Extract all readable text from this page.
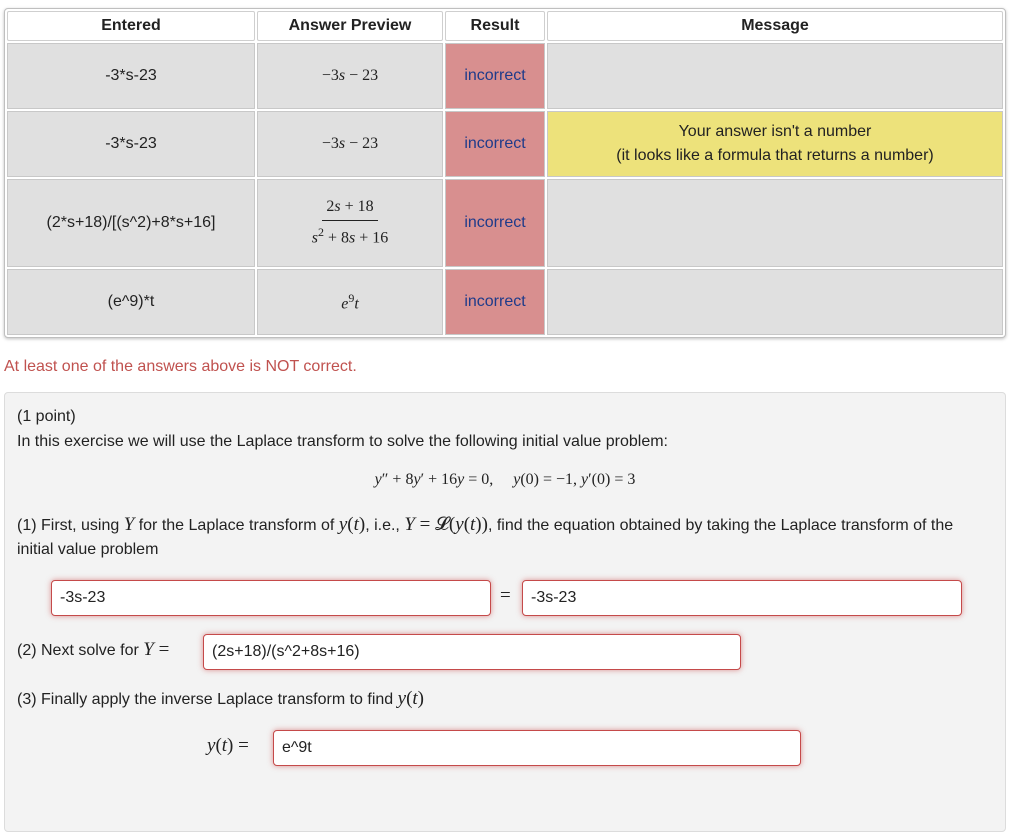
Entered	Answer Preview	Result	Message
-3*s-23	−3s − 23	incorrect	
-3*s-23	−3s − 23	incorrect	Your answer isn't a number
(it looks like a formula that returns a number)

(2*s+18)/[(s^2)+8*s+16]	$\frac{2s + 18}{s^2 + 8s + 16}$	incorrect	
(e^9)*t	$e^9t$	incorrect	
At least one of the answers above is NOT correct.

(1 point)

In this exercise we will use the Laplace transform to solve the following initial value problem:

y″ + 8y′ + 16y = 0,     y(0) = −1, y′(0) = 3

(1) First, using Y for the Laplace transform of y(t), i.e., Y = 𝓛(y(t)), find the equation obtained by taking the Laplace transform of the initial value problem

-3s-23	=	-3s-23

(2) Next solve for Y =	(2s+18)/(s^2+8s+16)

(3) Finally apply the inverse Laplace transform to find y(t)

y(t) =	e^9t
